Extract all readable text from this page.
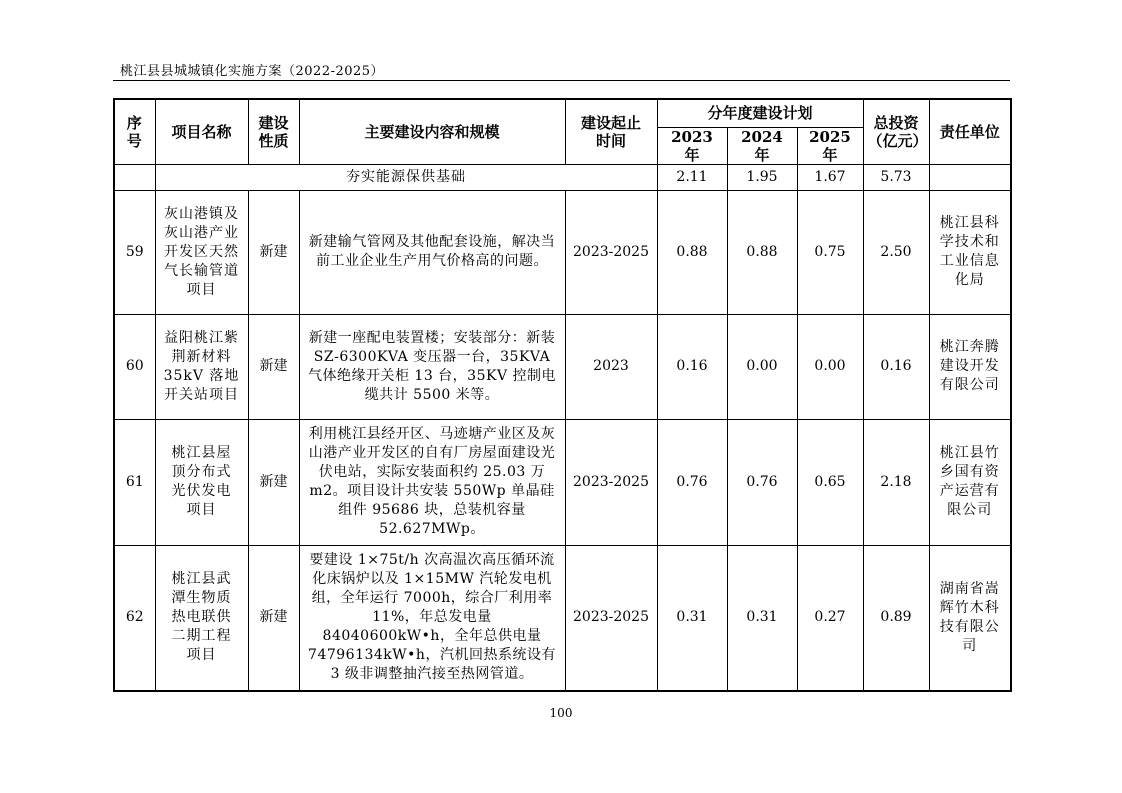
桃江县县城城镇化实施方案（2022-2025）
序号	项目名称	建设性质	主要建设内容和规模	建设起止时间	分年度建设计划			总投资（亿元）	责任单位
					2023 年	2024 年	2025 年		
	夯实能源保供基础				2.11	1.95	1.67	5.73	
59	灰山港镇及灰山港产业开发区天然气长输管道项目	新建	新建输气管网及其他配套设施，解决当前工业企业生产用气价格高的问题。	2023-2025	0.88	0.88	0.75	2.50	桃江县科学技术和工业信息化局
60	益阳桃江紫荆新材料 35kV 落地开关站项目	新建	新建一座配电装置楼；安装部分：新装 SZ-6300KVA 变压器一台，35KVA 气体绝缘开关柜 13 台，35KV 控制电缆共计 5500 米等。	2023	0.16	0.00	0.00	0.16	桃江奔腾建设开发有限公司
61	桃江县屋顶分布式光伏发电项目	新建	利用桃江县经开区、马迹塘产业区及灰山港产业开发区的自有厂房屋面建设光伏电站，实际安装面积约 25.03 万 m2。项目设计共安装 550Wp 单晶硅组件 95686 块，总装机容量 52.627MWp。	2023-2025	0.76	0.76	0.65	2.18	桃江县竹乡国有资产运营有限公司
62	桃江县武潭生物质热电联供二期工程项目	新建	要建设 1×75t/h 次高温次高压循环流化床锅炉以及 1×15MW 汽轮发电机组，全年运行 7000h，综合厂利用率 11%，年总发电量 84040600kW•h，全年总供电量 74796134kW•h，汽机回热系统设有 3 级非调整抽汽接至热网管道。	2023-2025	0.31	0.31	0.27	0.89	湖南省嵩辉竹木科技有限公司
100
